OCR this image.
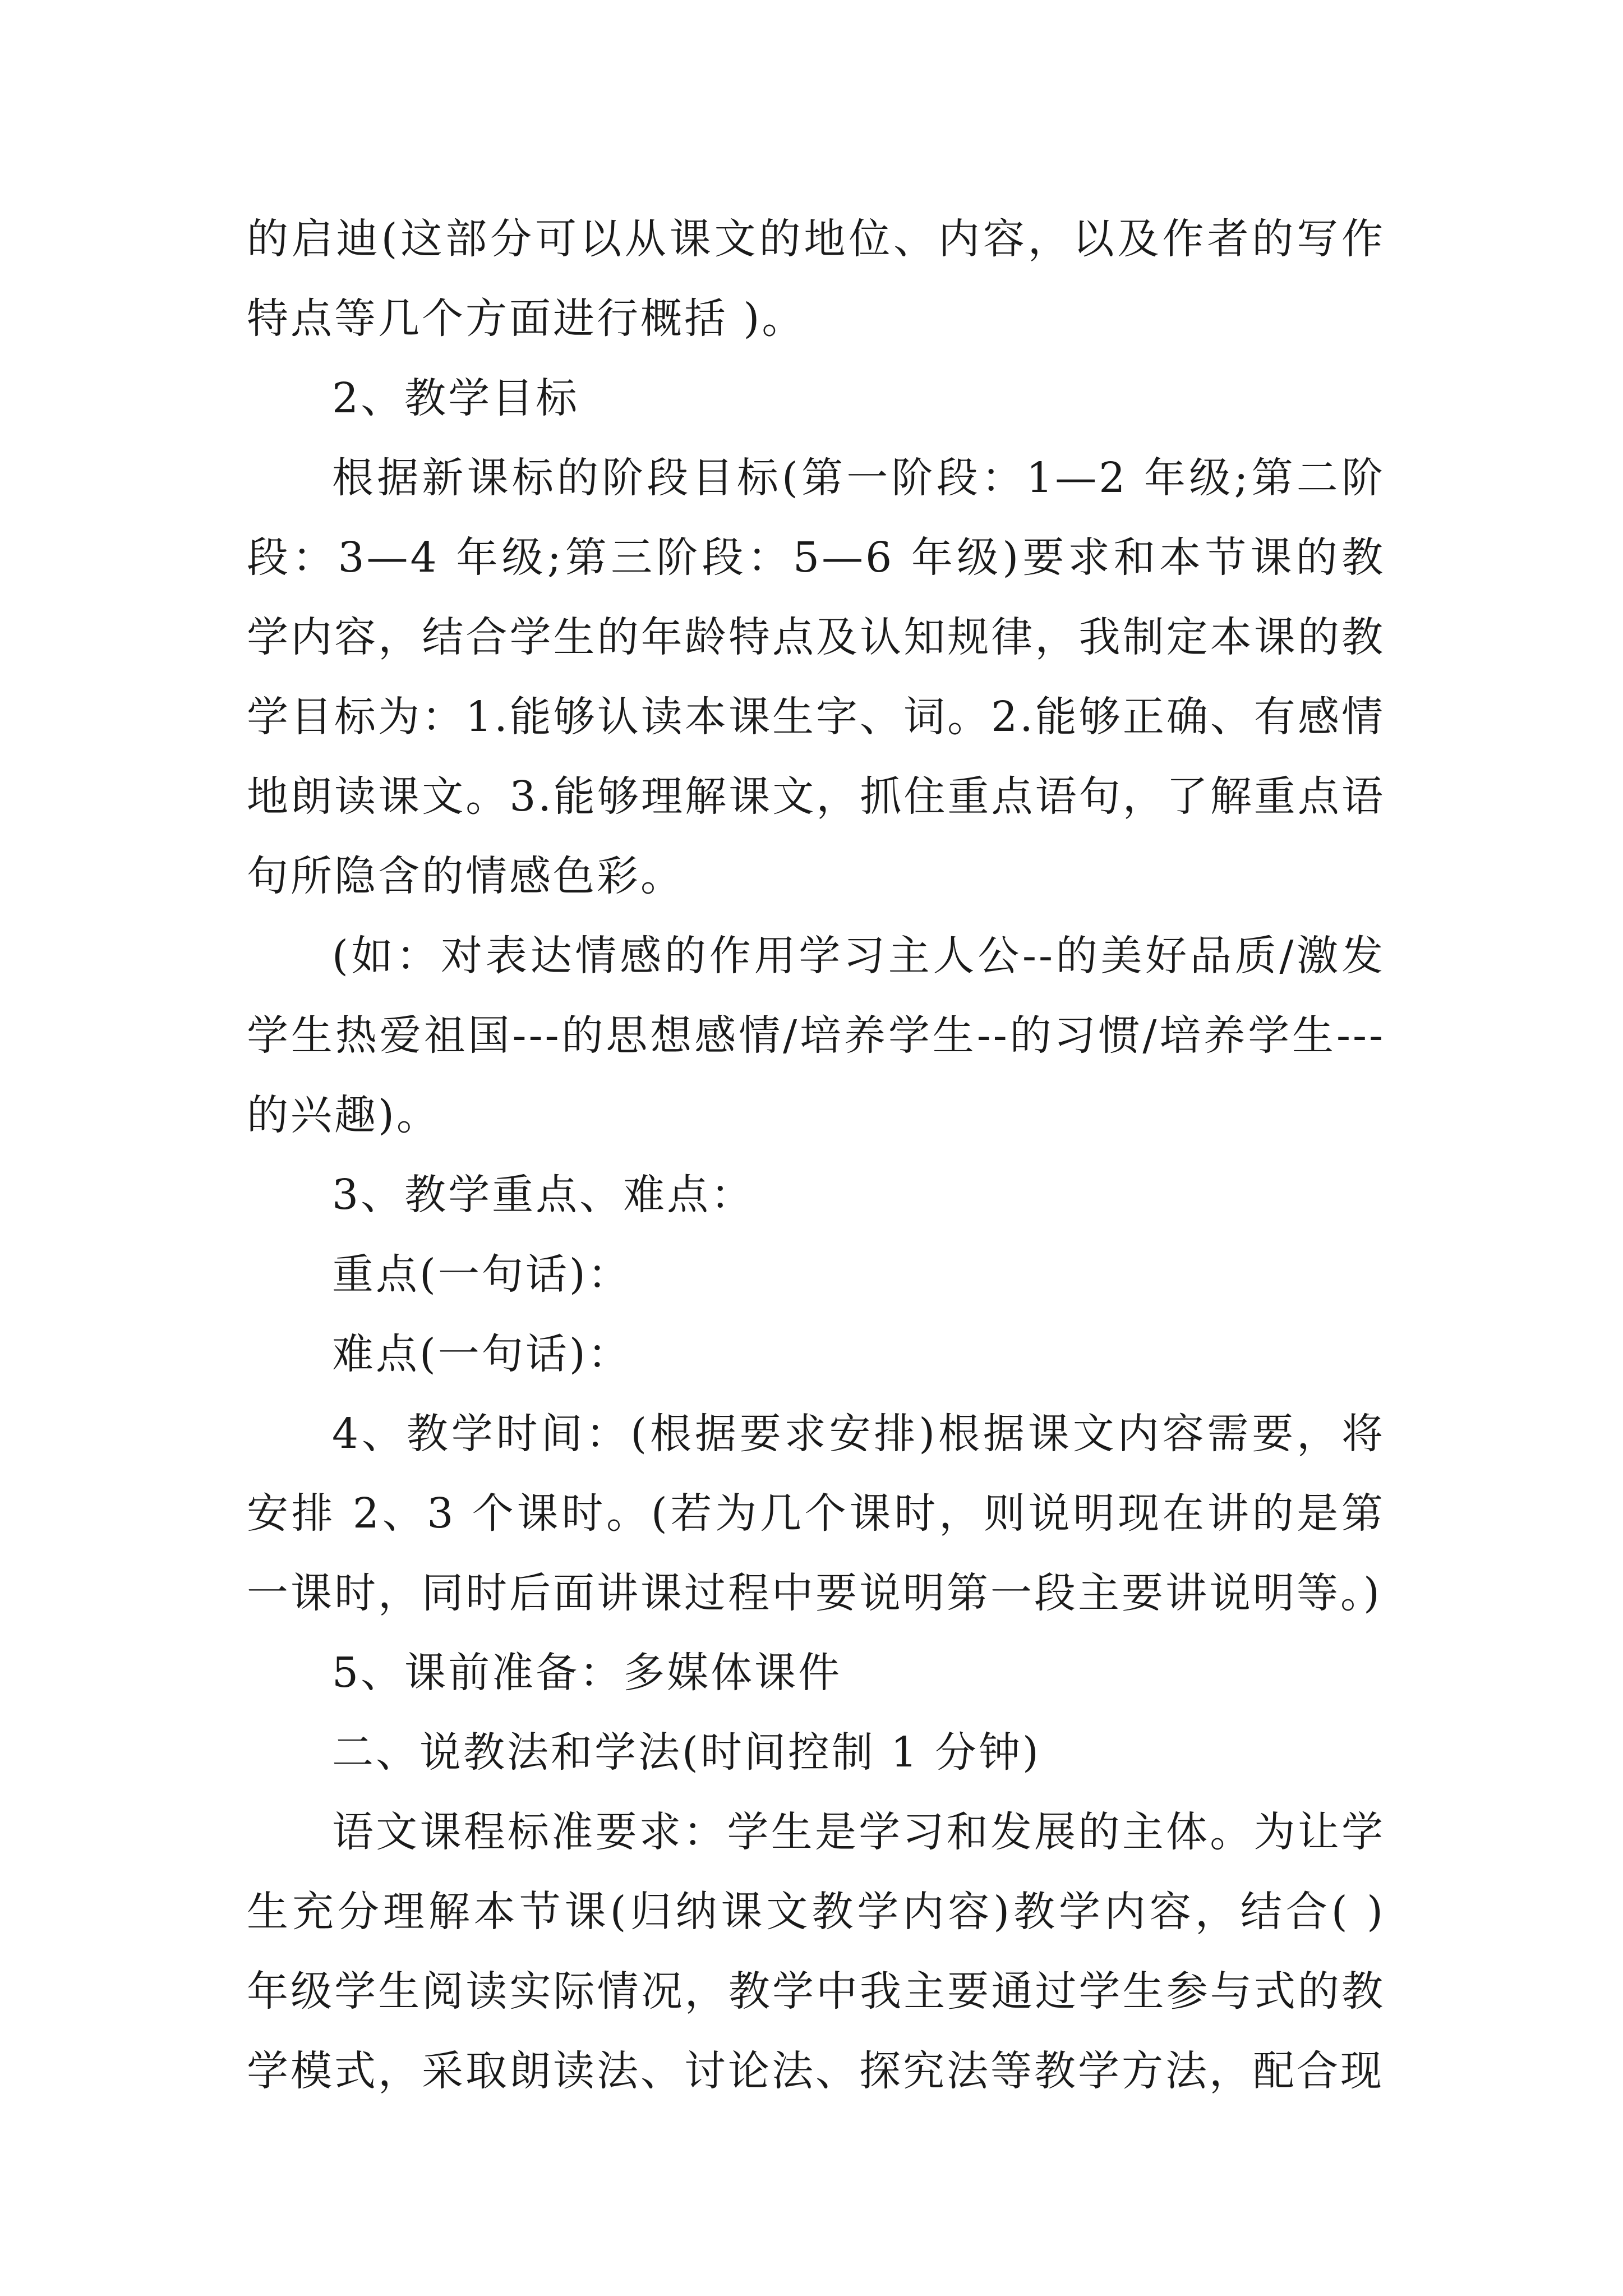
的启迪(这部分可以从课文的地位、内容，以及作者的写作特点等几个方面进行概括 )。

2、教学目标

根据新课标的阶段目标(第一阶段：1—2 年级;第二阶段：3—4 年级;第三阶段：5—6 年级)要求和本节课的教学内容，结合学生的年龄特点及认知规律，我制定本课的教学目标为：1.能够认读本课生字、词。2.能够正确、有感情地朗读课文。3.能够理解课文，抓住重点语句，了解重点语句所隐含的情感色彩。

(如：对表达情感的作用学习主人公--的美好品质/激发学生热爱祖国---的思想感情/培养学生--的习惯/培养学生---的兴趣)。

3、教学重点、难点：

重点(一句话)：

难点(一句话)：

4、教学时间：(根据要求安排)根据课文内容需要，将安排 2、3 个课时。(若为几个课时，则说明现在讲的是第一课时，同时后面讲课过程中要说明第一段主要讲说明等。)

5、课前准备：多媒体课件

二、说教法和学法(时间控制 1 分钟)

语文课程标准要求：学生是学习和发展的主体。为让学生充分理解本节课(归纳课文教学内容)教学内容，结合( )年级学生阅读实际情况，教学中我主要通过学生参与式的教学模式，采取朗读法、讨论法、探究法等教学方法，配合现
